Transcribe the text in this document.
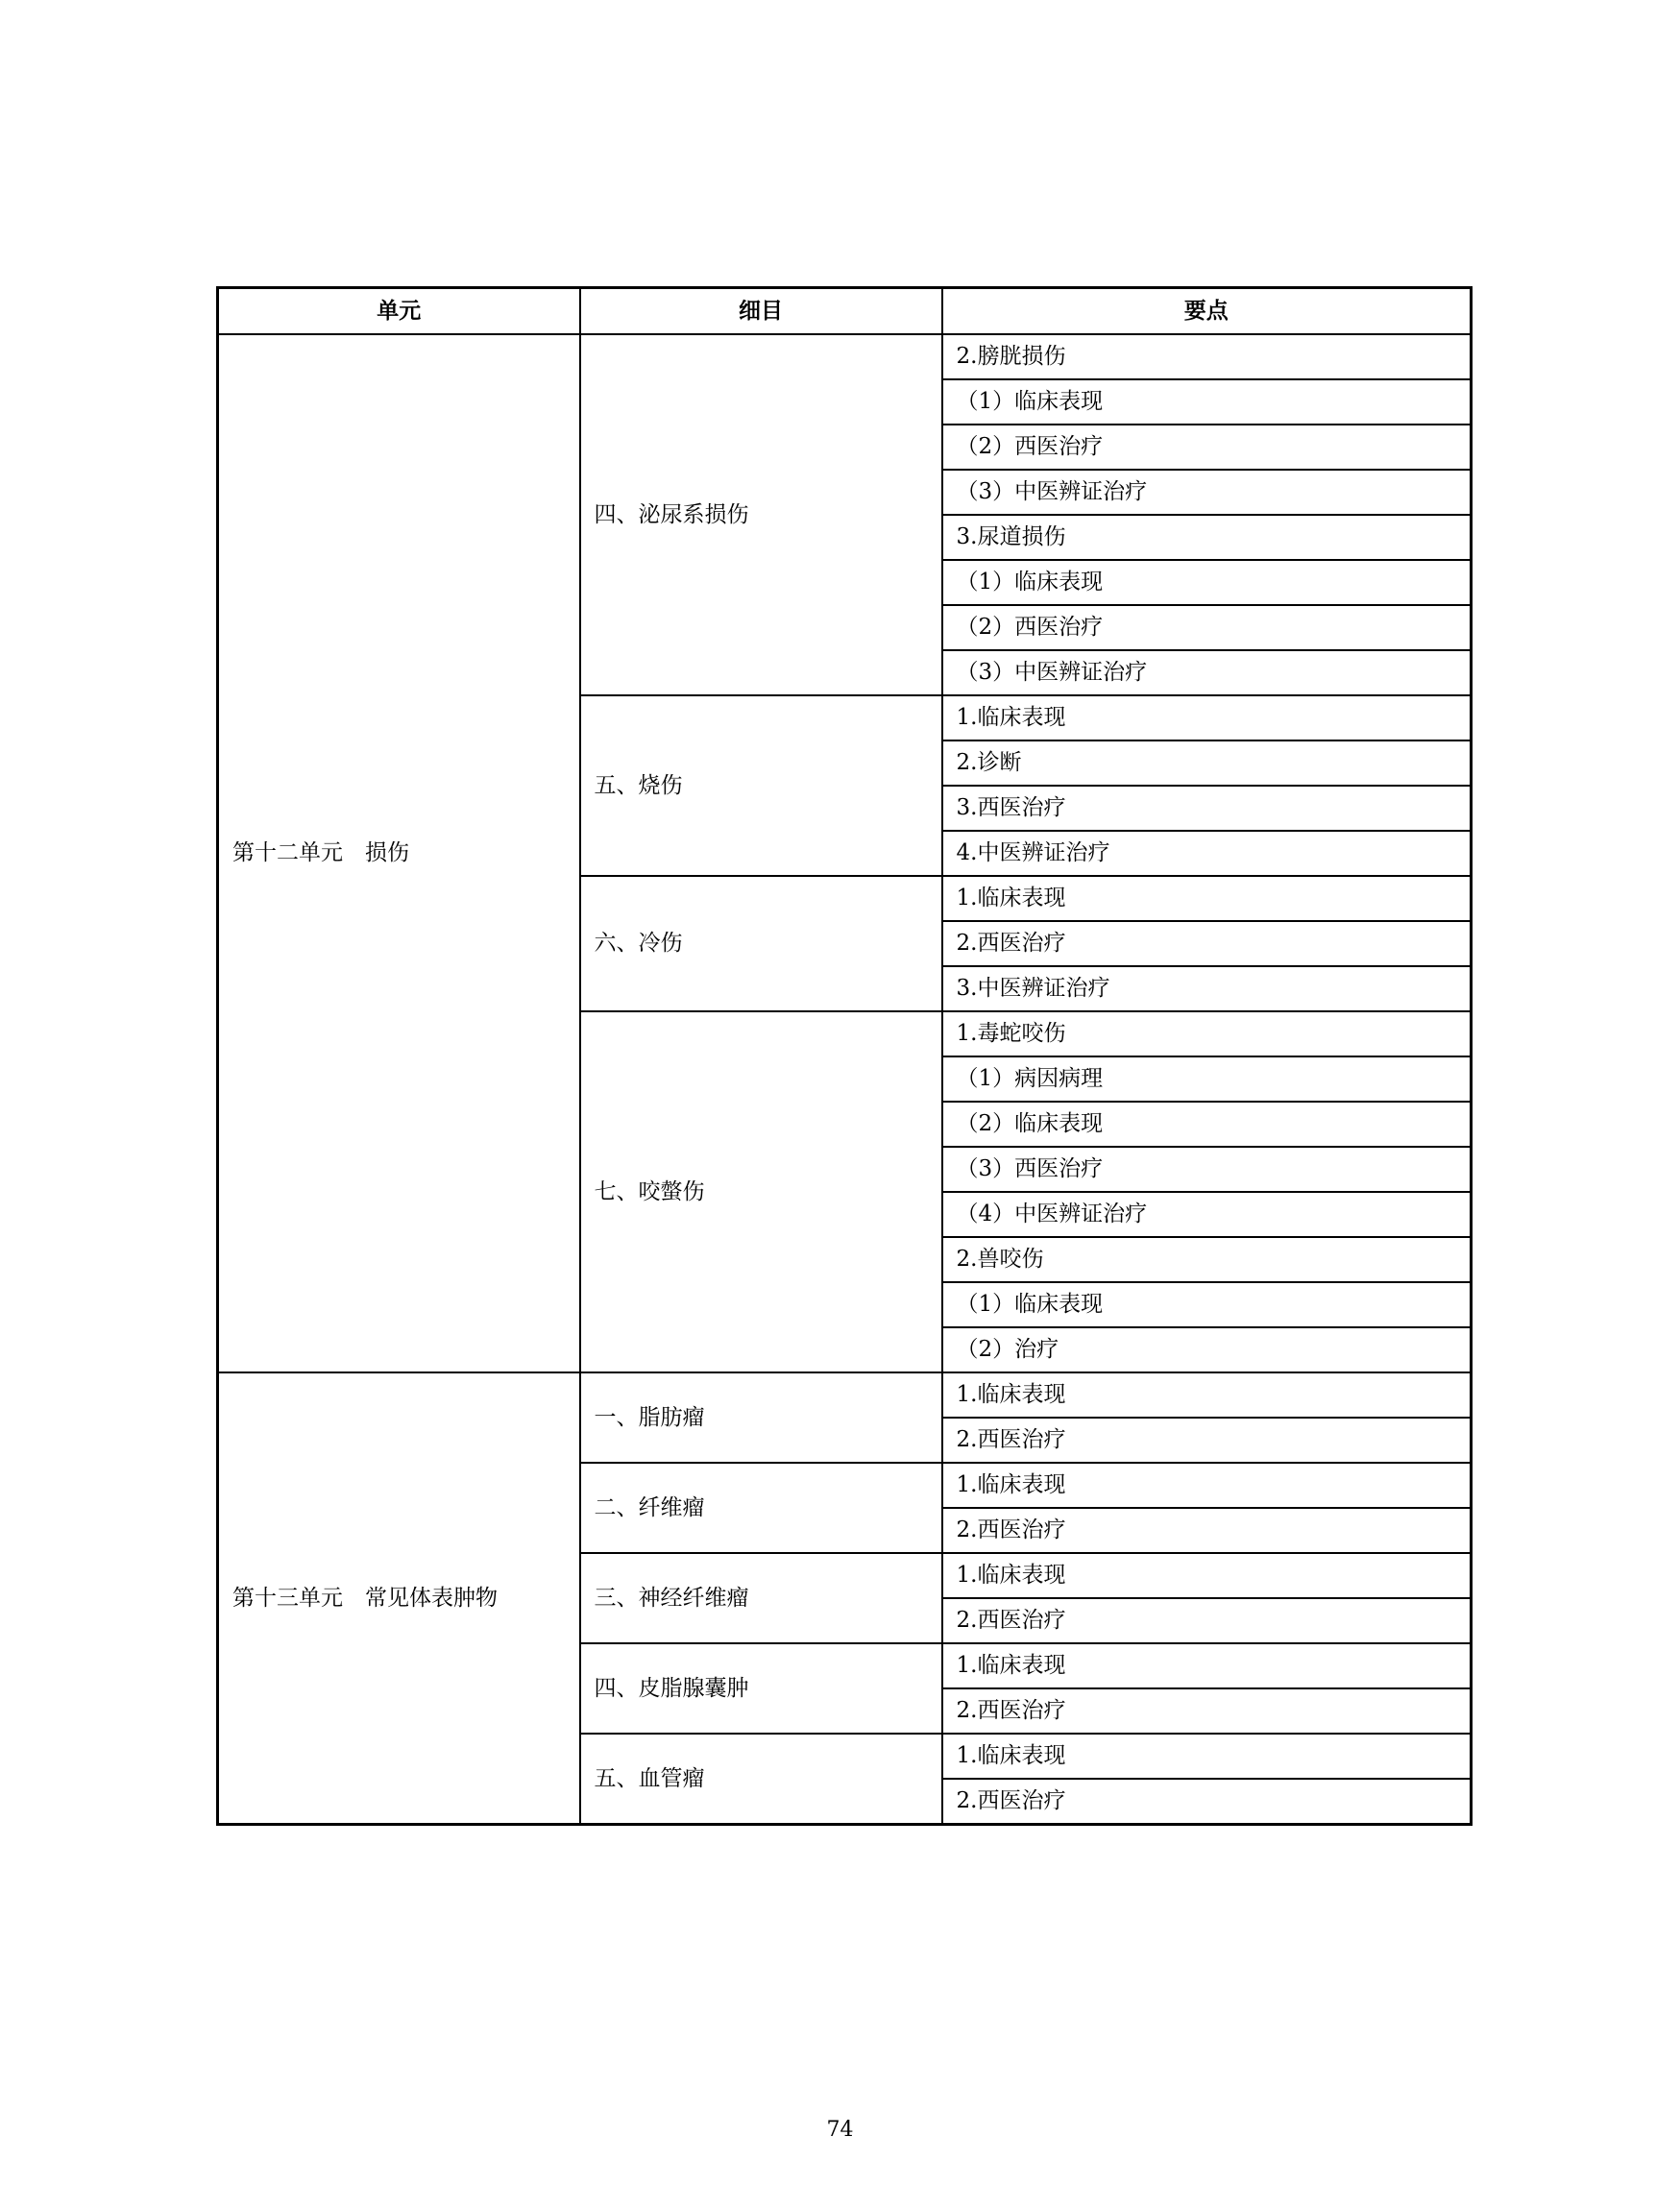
单元	细目	要点
第十二单元　损伤	四、泌尿系损伤	2.膀胱损伤
		（1）临床表现
		（2）西医治疗
		（3）中医辨证治疗
		3.尿道损伤
		（1）临床表现
		（2）西医治疗
		（3）中医辨证治疗
	五、烧伤	1.临床表现
		2.诊断
		3.西医治疗
		4.中医辨证治疗
	六、冷伤	1.临床表现
		2.西医治疗
		3.中医辨证治疗
	七、咬螫伤	1.毒蛇咬伤
		（1）病因病理
		（2）临床表现
		（3）西医治疗
		（4）中医辨证治疗
		2.兽咬伤
		（1）临床表现
		（2）治疗
第十三单元　常见体表肿物	一、脂肪瘤	1.临床表现
		2.西医治疗
	二、纤维瘤	1.临床表现
		2.西医治疗
	三、神经纤维瘤	1.临床表现
		2.西医治疗
	四、皮脂腺囊肿	1.临床表现
		2.西医治疗
	五、血管瘤	1.临床表现
		2.西医治疗
74
